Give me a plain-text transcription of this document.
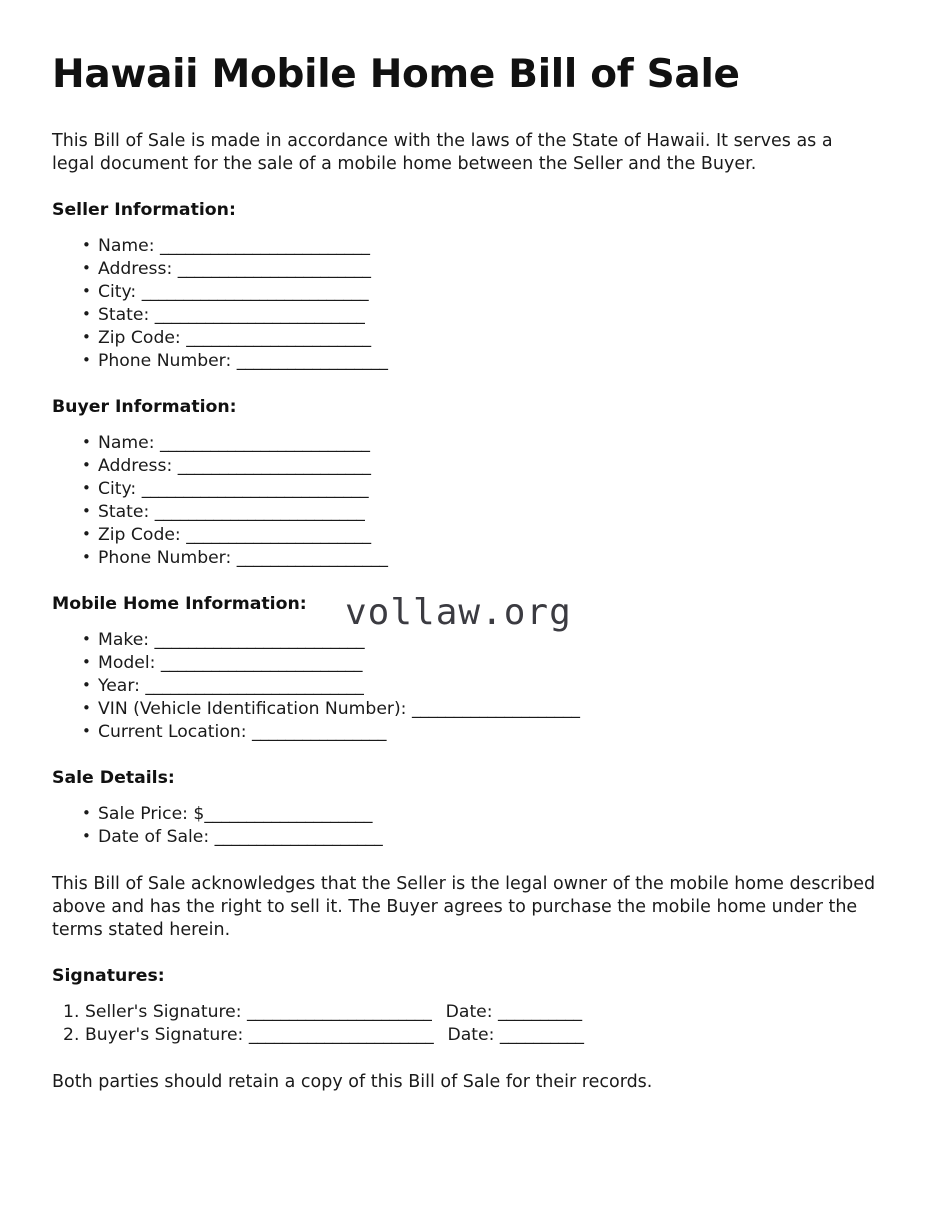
Hawaii Mobile Home Bill of Sale

This Bill of Sale is made in accordance with the laws of the State of Hawaii. It serves as a legal document for the sale of a mobile home between the Seller and the Buyer.

Seller Information:
• Name: _________________________
• Address: _______________________
• City: ___________________________
• State: _________________________
• Zip Code: ______________________
• Phone Number: __________________
Buyer Information:
• Name: _________________________
• Address: _______________________
• City: ___________________________
• State: _________________________
• Zip Code: ______________________
• Phone Number: __________________
Mobile Home Information:
• Make: _________________________
• Model: ________________________
• Year: __________________________
• VIN (Vehicle Identification Number): ____________________
• Current Location: ________________
Sale Details:
• Sale Price: $____________________
• Date of Sale: ____________________

This Bill of Sale acknowledges that the Seller is the legal owner of the mobile home described above and has the right to sell it. The Buyer agrees to purchase the mobile home under the terms stated herein.

Signatures:
Seller's Signature: ______________________ Date: __________
Buyer's Signature: ______________________ Date: __________

Both parties should retain a copy of this Bill of Sale for their records.

vollaw.org
